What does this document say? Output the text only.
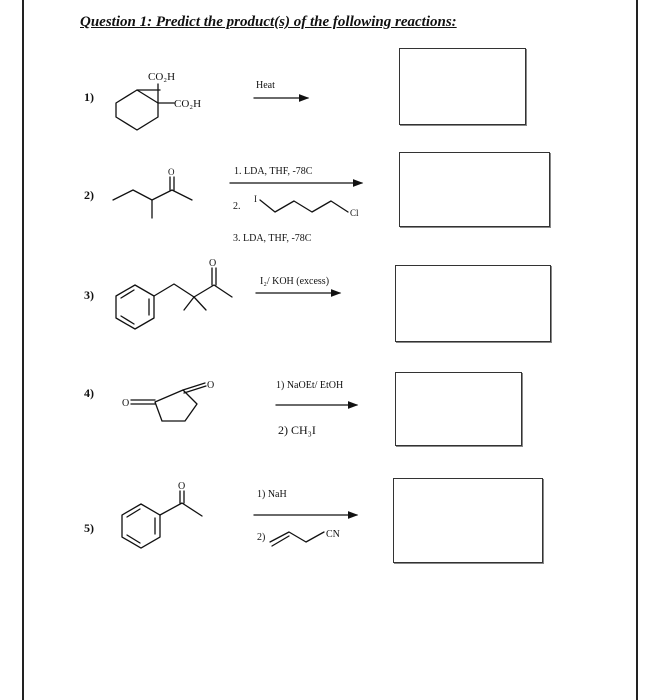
Question 1: Predict the product(s) of the following reactions:
1)
2)
3)
4)
5)
Heat
1. LDA, THF, -78C
2.
3. LDA, THF, -78C
I₂/ KOH (excess)
1) NaOEt/ EtOH
2) CH₃I
1) NaH
2)
CO₂H
CO₂H
O
I
Cl
O
O
O
O
CN
